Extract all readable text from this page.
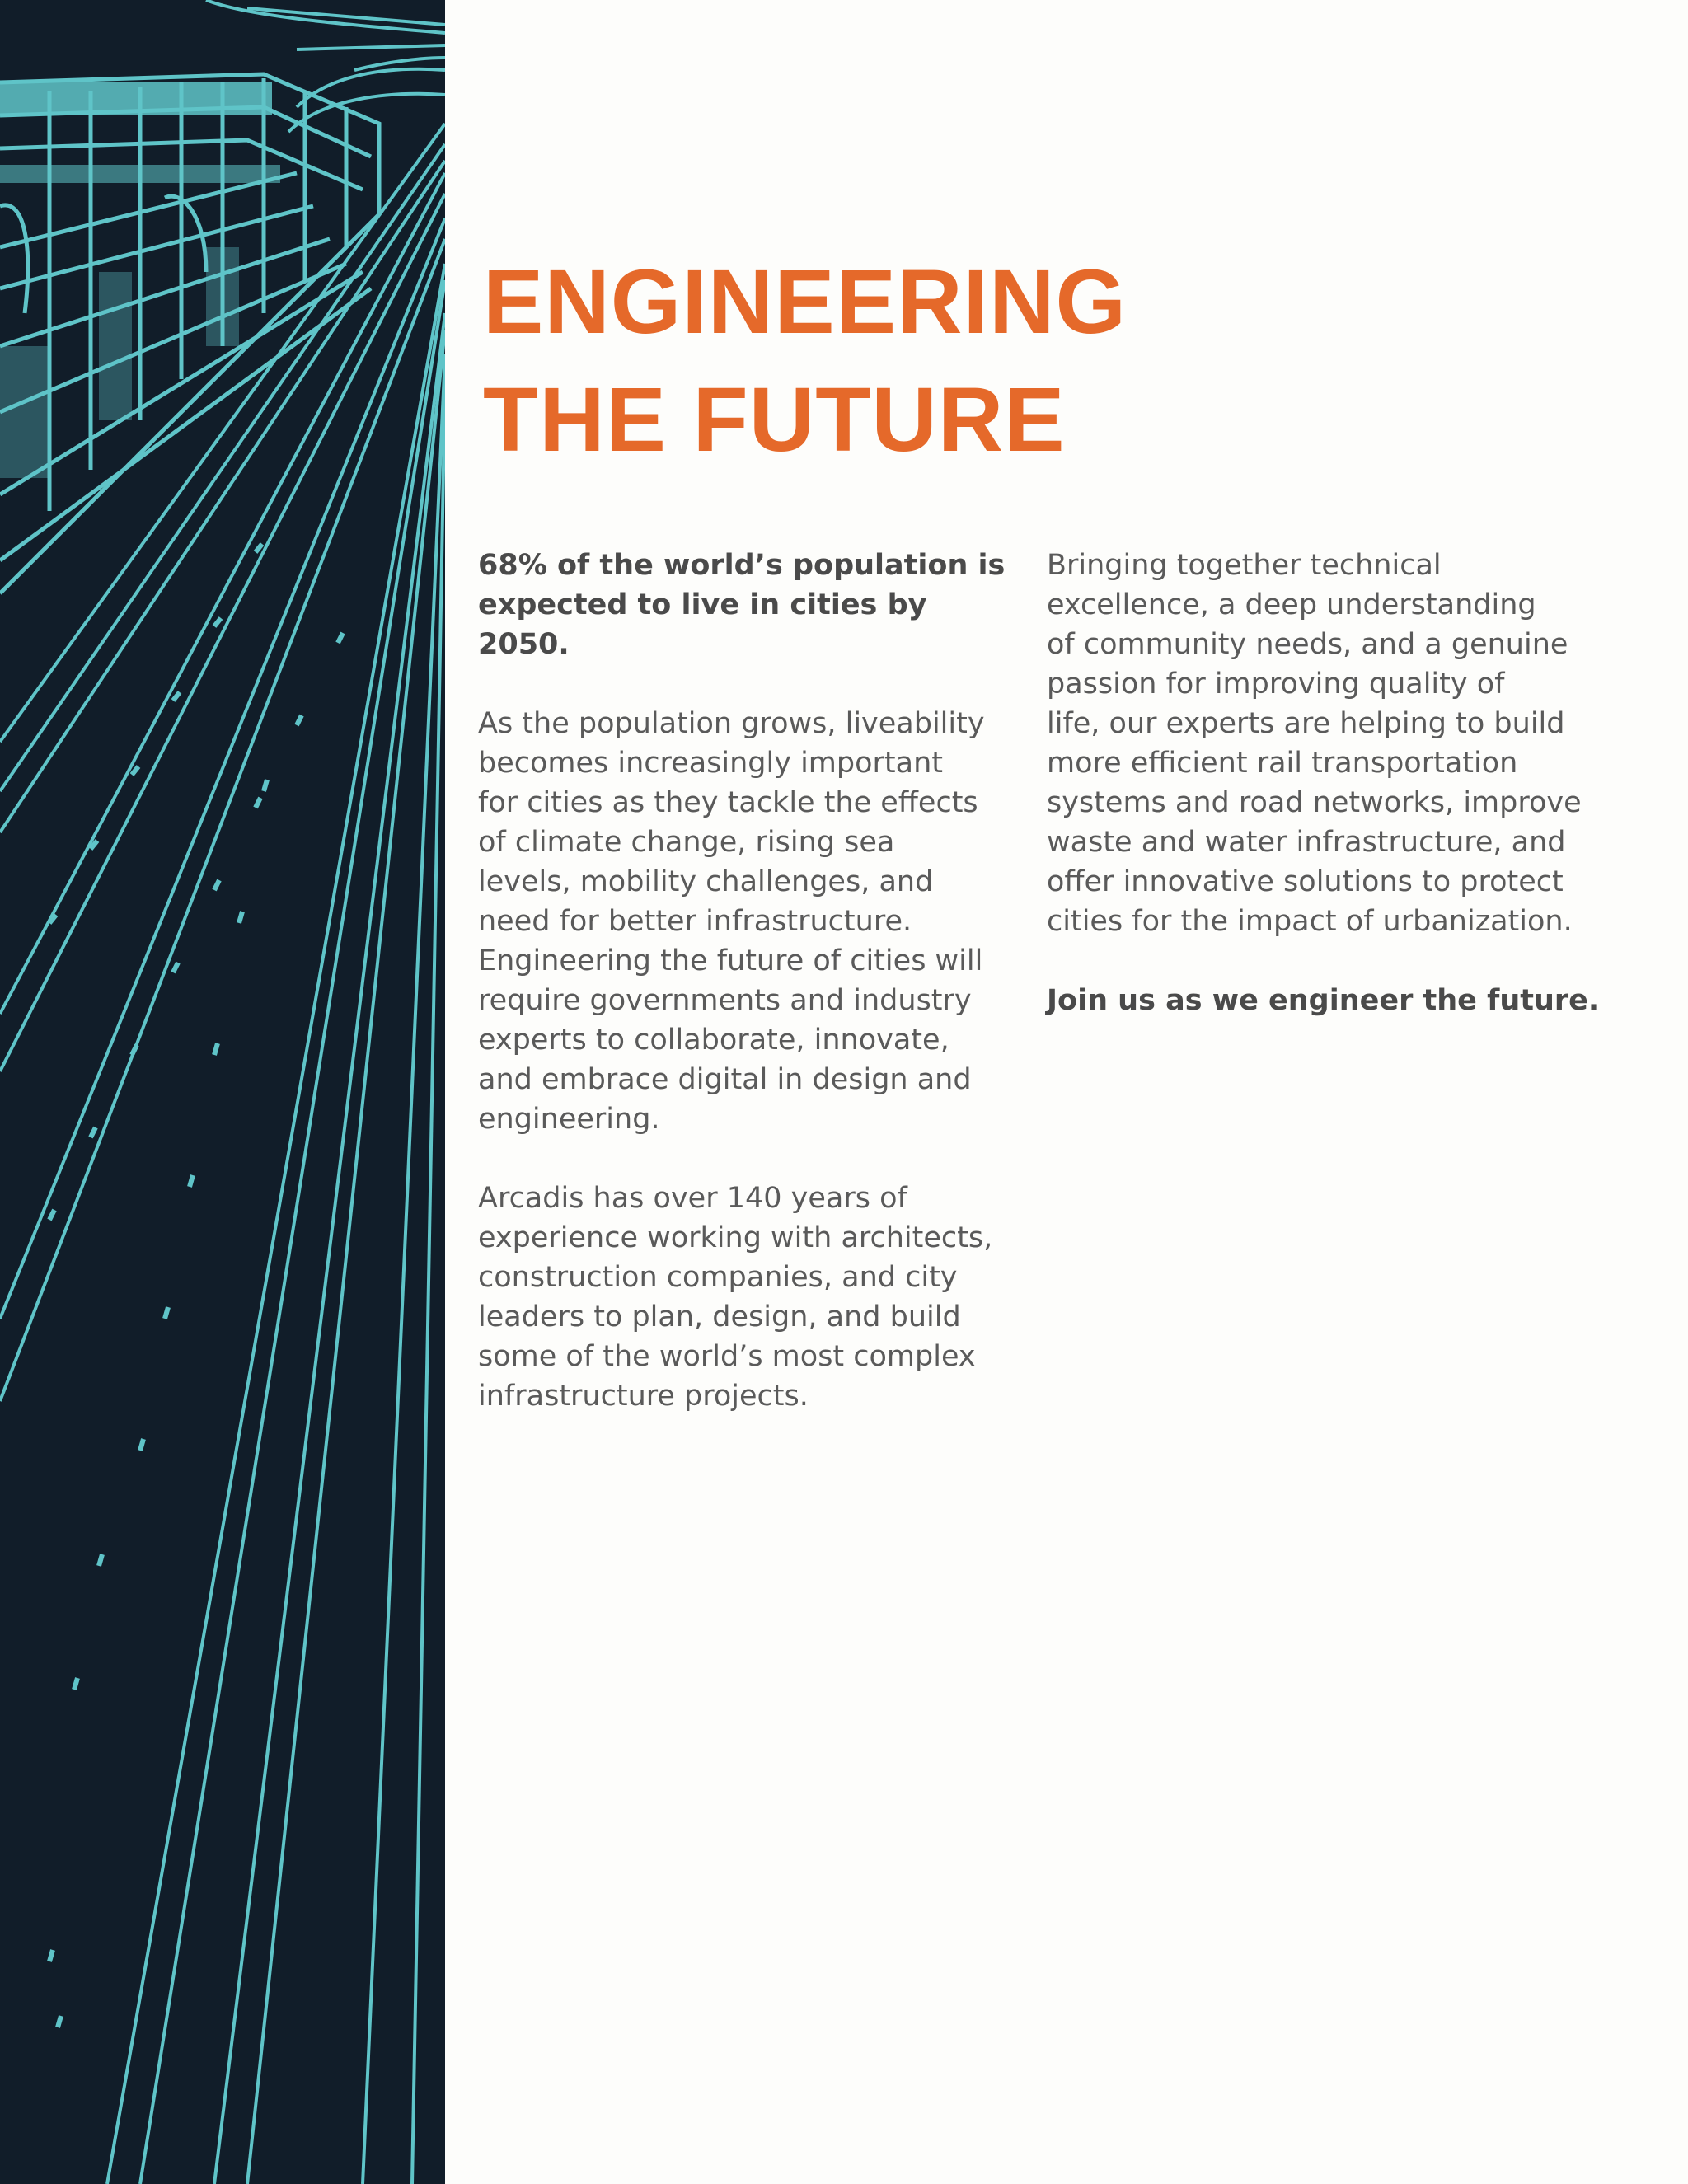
ENGINEERING
THE FUTURE

68% of the world’s population is
expected to live in cities by 2050.

As the population grows, liveability
becomes increasingly important
for cities as they tackle the effects
of climate change, rising sea
levels, mobility challenges, and
need for better infrastructure.
Engineering the future of cities will
require governments and industry
experts to collaborate, innovate,
and embrace digital in design and
engineering.

Arcadis has over 140 years of
experience working with architects,
construction companies, and city
leaders to plan, design, and build
some of the world’s most complex
infrastructure projects.

Bringing together technical
excellence, a deep understanding
of community needs, and a genuine
passion for improving quality of
life, our experts are helping to build
more efficient rail transportation
systems and road networks, improve
waste and water infrastructure, and
offer innovative solutions to protect
cities for the impact of urbanization.

Join us as we engineer the future.
